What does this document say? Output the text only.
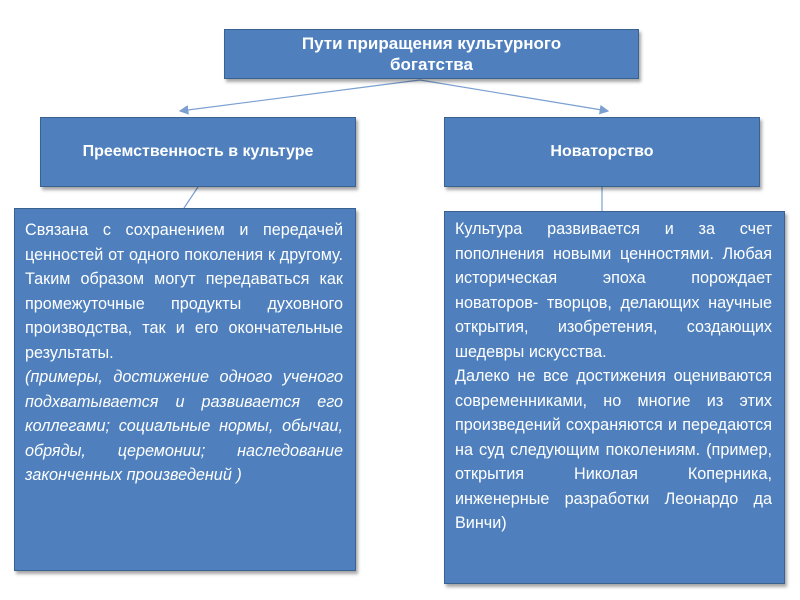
Пути приращения культурного богатства
Преемственность в культуре	Новаторство

Связана с сохранением и передачей ценностей от одного поколения к другому. Таким образом могут передаваться как промежуточные продукты духовного производства, так и его окончательные результаты.

(примеры, достижение одного ученого подхватывается и развивается его коллегами; социальные нормы, обычаи, обряды, церемонии; наследование законченных произведений )

Культура развивается и за счет пополнения новыми ценностями. Любая историческая эпоха порождает новаторов- творцов, делающих научные открытия, изобретения, создающих шедевры искусства.

Далеко не все достижения оцениваются современниками, но многие из этих произведений сохраняются и передаются на суд следующим поколениям. (пример, открытия Николая Коперника, инженерные разработки Леонардо да Винчи)
